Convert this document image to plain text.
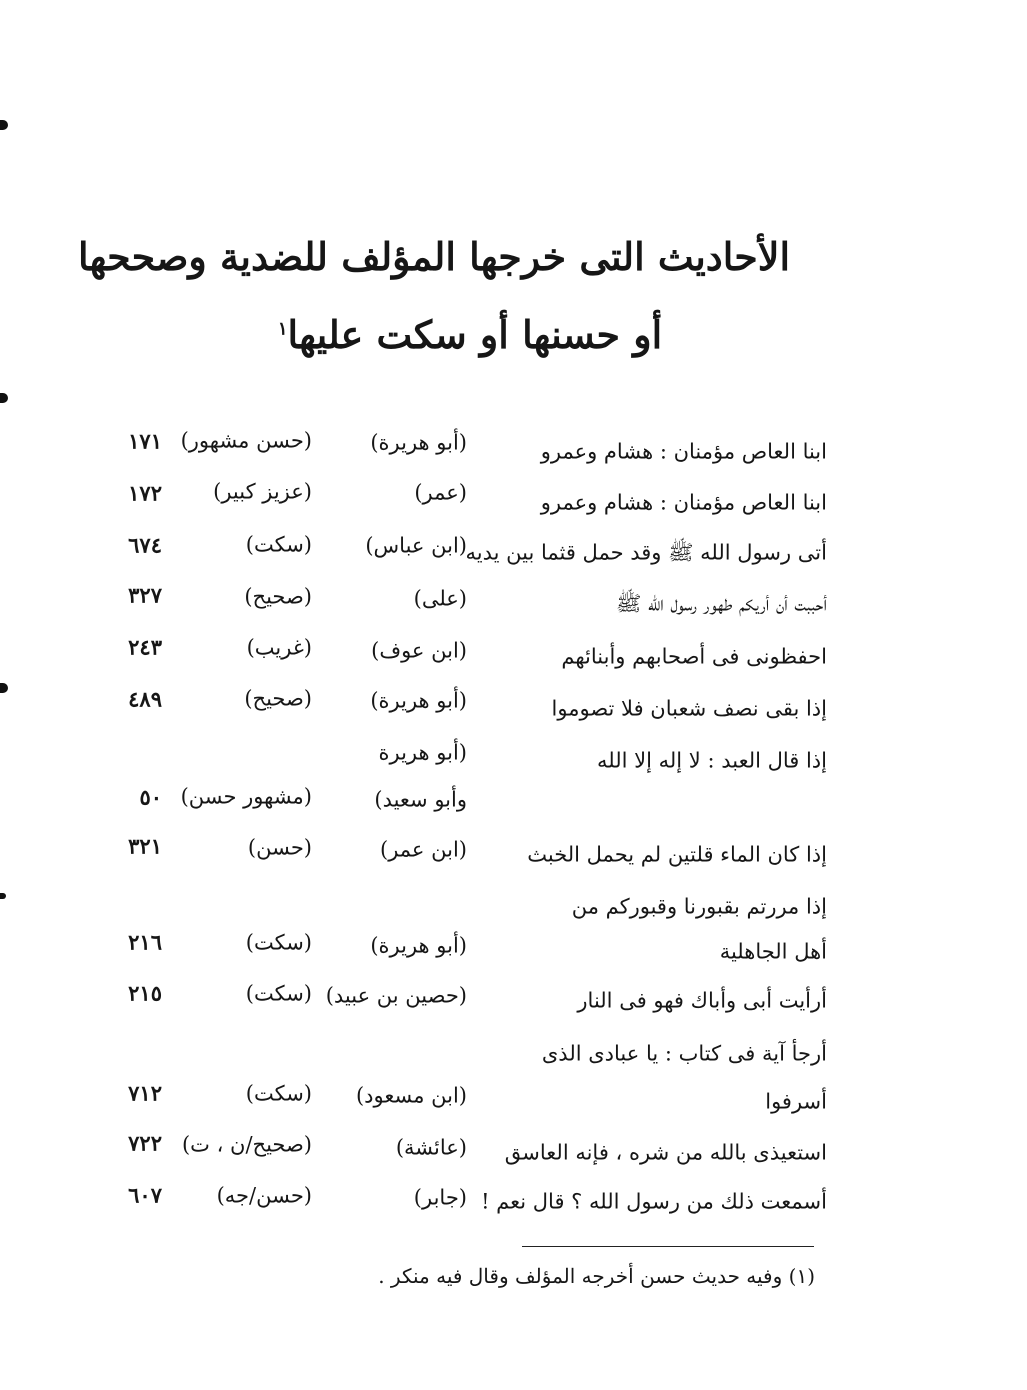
الأحاديث التى خرجها المؤلف للضدية وصححها
أو حسنها أو سكت عليها$^١$
ابنا العاص مؤمنان : هشام وعمرو
(أبو هريرة)
(حسن مشهور)
١٧١
ابنا العاص مؤمنان : هشام وعمرو
(عمر)
(عزيز كبير)
١٧٢
أتى رسول الله ﷺ وقد حمل قثما بين يديه
(ابن عباس)
(سكت)
٦٧٤
أحببت أن أريكم طهور رسول الله ﷺ
(على)
(صحيح)
٣٢٧
احفظونى فى أصحابهم وأبنائهم
(ابن عوف)
(غريب)
٢٤٣
إذا بقى نصف شعبان فلا تصوموا
(أبو هريرة)
(صحيح)
٤٨٩
إذا قال العبد : لا إله إلا الله
(أبو هريرة
وأبو سعيد)
(مشهور حسن)
٥٠
إذا كان الماء قلتين لم يحمل الخبث
(ابن عمر)
(حسن)
٣٢١
إذا مررتم بقبورنا وقبوركم من
أهل الجاهلية
(أبو هريرة)
(سكت)
٢١٦
أرأيت أبى وأباك فهو فى النار
(حصين بن عبيد)
(سكت)
٢١٥
أرجأ آية فى كتاب : يا عبادى الذى
أسرفوا
(ابن مسعود)
(سكت)
٧١٢
استعيذى بالله من شره ، فإنه العاسق
(عائشة)
(صحيح/ن ، ت)
٧٢٢
أسمعت ذلك من رسول الله ؟ قال نعم !
(جابر)
(حسن/جه)
٦٠٧
(١) وفيه حديث حسن أخرجه المؤلف وقال فيه منكر .
